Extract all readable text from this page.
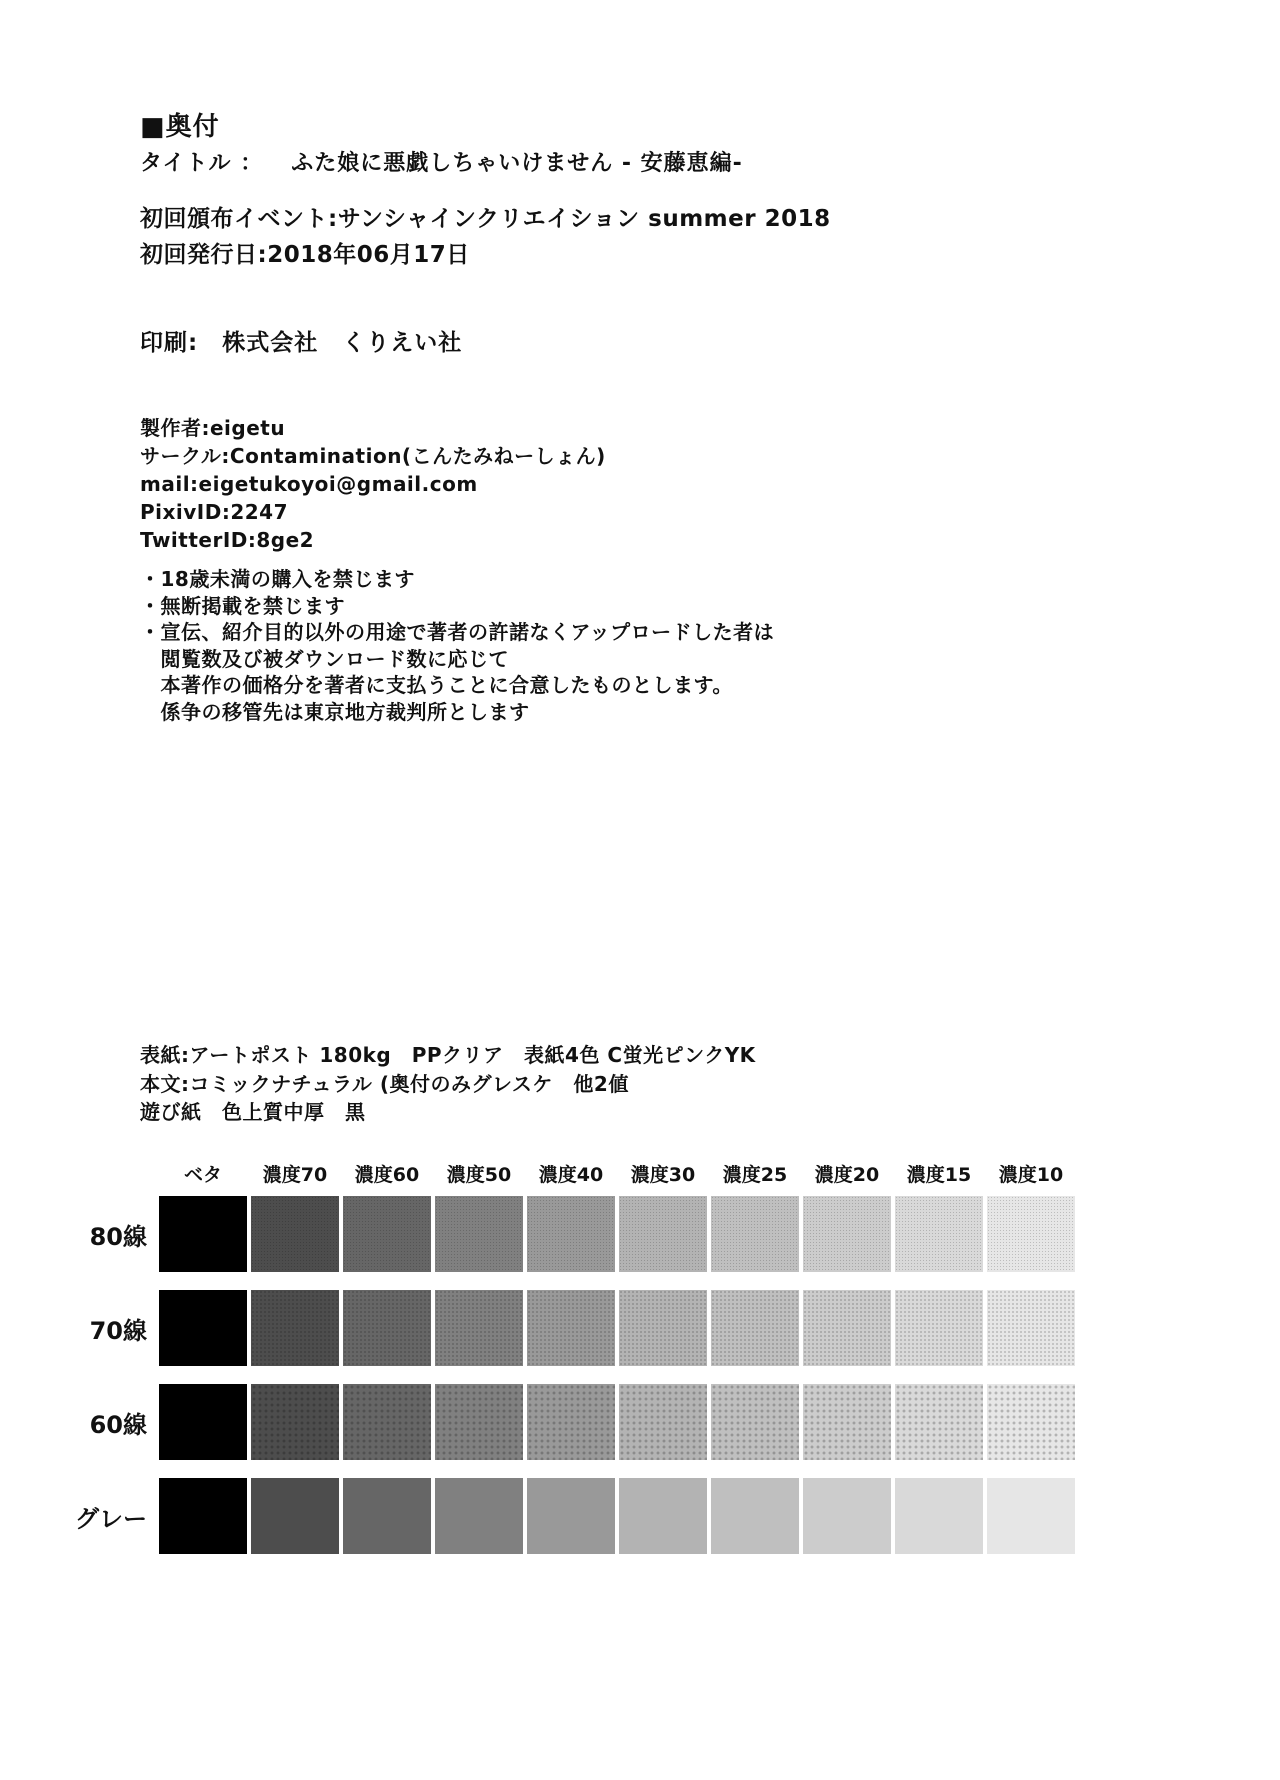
■奥付
タイトル ： ふた娘に悪戯しちゃいけません - 安藤恵編-
初回頒布イベント:サンシャインクリエイション summer 2018
初回発行日:2018年06月17日
印刷:　株式会社　くりえい社
製作者:eigetu
サークル:Contamination(こんたみねーしょん)
mail:eigetukoyoi@gmail.com
PixivID:2247
TwitterID:8ge2
・18歳未満の購入を禁じます
・無断掲載を禁じます
・宣伝、紹介目的以外の用途で著者の許諾なくアップロードした者は
　閲覧数及び被ダウンロード数に応じて
　本著作の価格分を著者に支払うことに合意したものとします。
　係争の移管先は東京地方裁判所とします
表紙:アートポスト 180kg　PPクリア　表紙4色 C蛍光ピンクYK
本文:コミックナチュラル (奥付のみグレスケ　他2値
遊び紙　色上質中厚　黒
ベタ	濃度70	濃度60	濃度50	濃度40	濃度30	濃度25	濃度20	濃度15	濃度10
80線
70線
60線
グレー
